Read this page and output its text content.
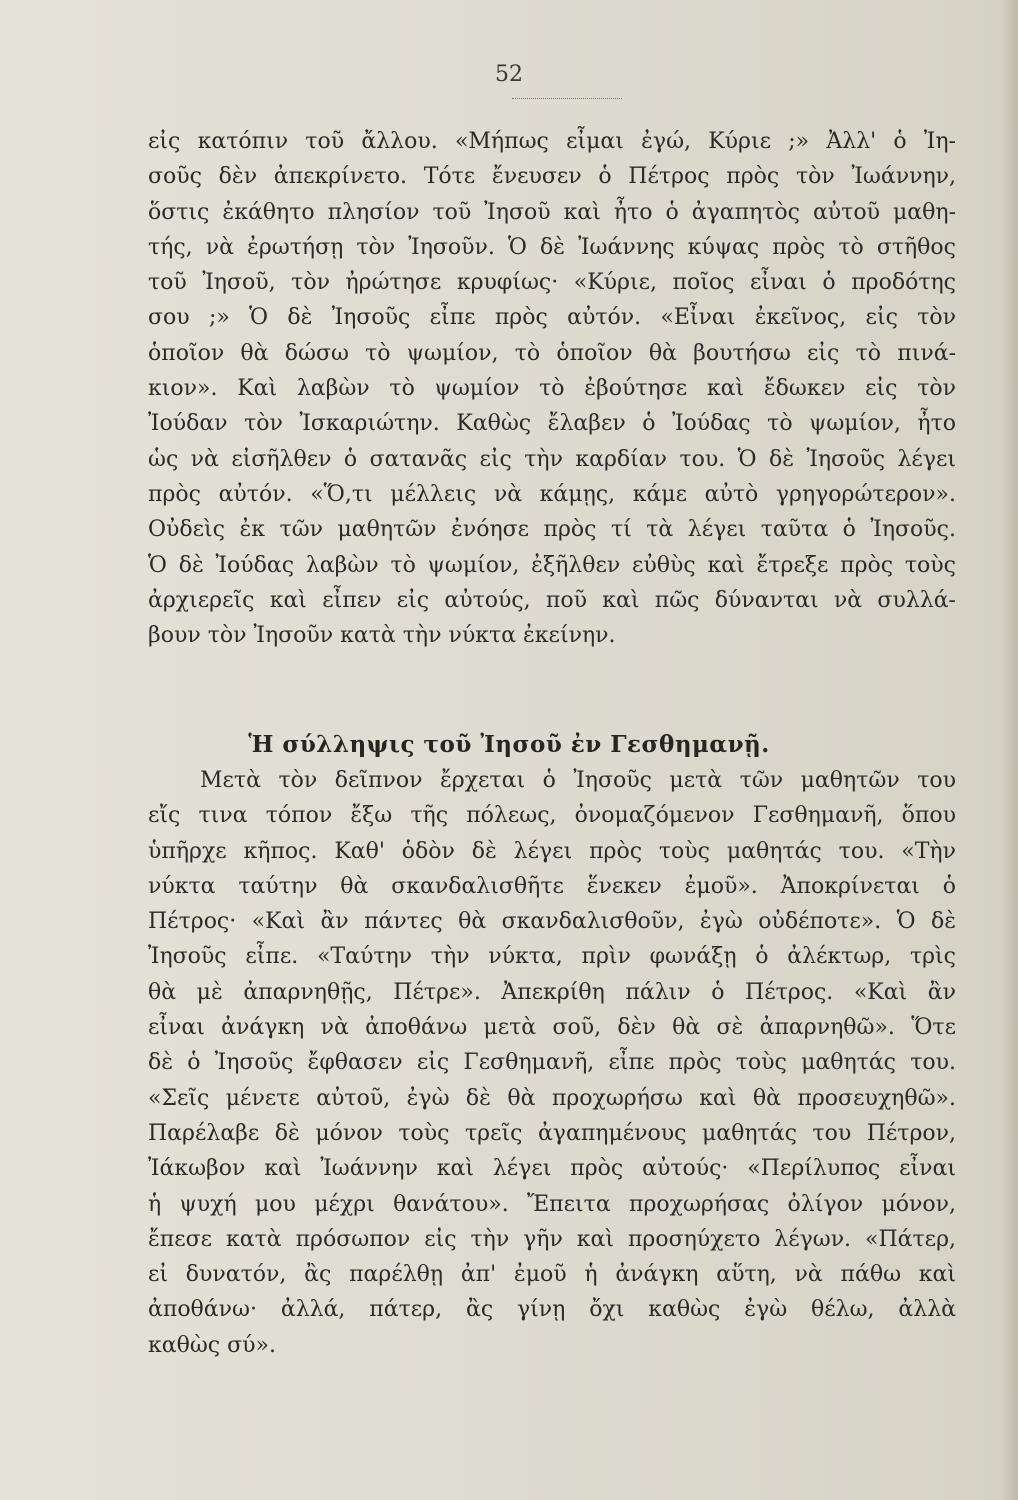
52
εἰς κατόπιν τοῦ ἄλλου. «Μήπως εἶμαι ἐγώ, Κύριε ;» Ἀλλ' ὁ Ἰη-
σοῦς δὲν ἀπεκρίνετο. Τότε ἔνευσεν ὁ Πέτρος πρὸς τὸν Ἰωάννην,
ὅστις ἐκάθητο πλησίον τοῦ Ἰησοῦ καὶ ἦτο ὁ ἀγαπητὸς αὐτοῦ μαθη-
τής, νὰ ἐρωτήσῃ τὸν Ἰησοῦν. Ὁ δὲ Ἰωάννης κύψας πρὸς τὸ στῆθος
τοῦ Ἰησοῦ, τὸν ἠρώτησε κρυφίως· «Κύριε, ποῖος εἶναι ὁ προδότης
σου ;» Ὁ δὲ Ἰησοῦς εἶπε πρὸς αὐτόν. «Εἶναι ἐκεῖνος, εἰς τὸν
ὁποῖον θὰ δώσω τὸ ψωμίον, τὸ ὁποῖον θὰ βουτήσω εἰς τὸ πινά-
κιον». Καὶ λαβὼν τὸ ψωμίον τὸ ἐβούτησε καὶ ἔδωκεν εἰς τὸν
Ἰούδαν τὸν Ἰσκαριώτην. Καθὼς ἔλαβεν ὁ Ἰούδας τὸ ψωμίον, ἦτο
ὡς νὰ εἰσῆλθεν ὁ σατανᾶς εἰς τὴν καρδίαν του. Ὁ δὲ Ἰησοῦς λέγει
πρὸς αὐτόν. «Ὅ,τι μέλλεις νὰ κάμῃς, κάμε αὐτὸ γρηγορώτερον».
Οὐδεὶς ἐκ τῶν μαθητῶν ἐνόησε πρὸς τί τὰ λέγει ταῦτα ὁ Ἰησοῦς.
Ὁ δὲ Ἰούδας λαβὼν τὸ ψωμίον, ἐξῆλθεν εὐθὺς καὶ ἔτρεξε πρὸς τοὺς
ἀρχιερεῖς καὶ εἶπεν εἰς αὐτούς, ποῦ καὶ πῶς δύνανται νὰ συλλά-
βουν τὸν Ἰησοῦν κατὰ τὴν νύκτα ἐκείνην.
Ἡ σύλληψις τοῦ Ἰησοῦ ἐν Γεσθημανῇ.
Μετὰ τὸν δεῖπνον ἔρχεται ὁ Ἰησοῦς μετὰ τῶν μαθητῶν του
εἴς τινα τόπον ἔξω τῆς πόλεως, ὀνομαζόμενον Γεσθημανῆ, ὅπου
ὑπῆρχε κῆπος. Καθ' ὁδὸν δὲ λέγει πρὸς τοὺς μαθητάς του. «Τὴν
νύκτα ταύτην θὰ σκανδαλισθῆτε ἕνεκεν ἐμοῦ». Ἀποκρίνεται ὁ
Πέτρος· «Καὶ ἂν πάντες θὰ σκανδαλισθοῦν, ἐγὼ οὐδέποτε». Ὁ δὲ
Ἰησοῦς εἶπε. «Ταύτην τὴν νύκτα, πρὶν φωνάξῃ ὁ ἀλέκτωρ, τρὶς
θὰ μὲ ἀπαρνηθῇς, Πέτρε». Ἀπεκρίθη πάλιν ὁ Πέτρος. «Καὶ ἂν
εἶναι ἀνάγκη νὰ ἀποθάνω μετὰ σοῦ, δὲν θὰ σὲ ἀπαρνηθῶ». Ὅτε
δὲ ὁ Ἰησοῦς ἔφθασεν εἰς Γεσθημανῆ, εἶπε πρὸς τοὺς μαθητάς του.
«Σεῖς μένετε αὐτοῦ, ἐγὼ δὲ θὰ προχωρήσω καὶ θὰ προσευχηθῶ».
Παρέλαβε δὲ μόνον τοὺς τρεῖς ἀγαπημένους μαθητάς του Πέτρον,
Ἰάκωβον καὶ Ἰωάννην καὶ λέγει πρὸς αὐτούς· «Περίλυπος εἶναι
ἡ ψυχή μου μέχρι θανάτου». Ἔπειτα προχωρήσας ὀλίγον μόνον,
ἔπεσε κατὰ πρόσωπον εἰς τὴν γῆν καὶ προσηύχετο λέγων. «Πάτερ,
εἰ δυνατόν, ἂς παρέλθῃ ἀπ' ἐμοῦ ἡ ἀνάγκη αὕτη, νὰ πάθω καὶ
ἀποθάνω· ἀλλά, πάτερ, ἂς γίνῃ ὄχι καθὼς ἐγὼ θέλω, ἀλλὰ
καθὼς σύ».
